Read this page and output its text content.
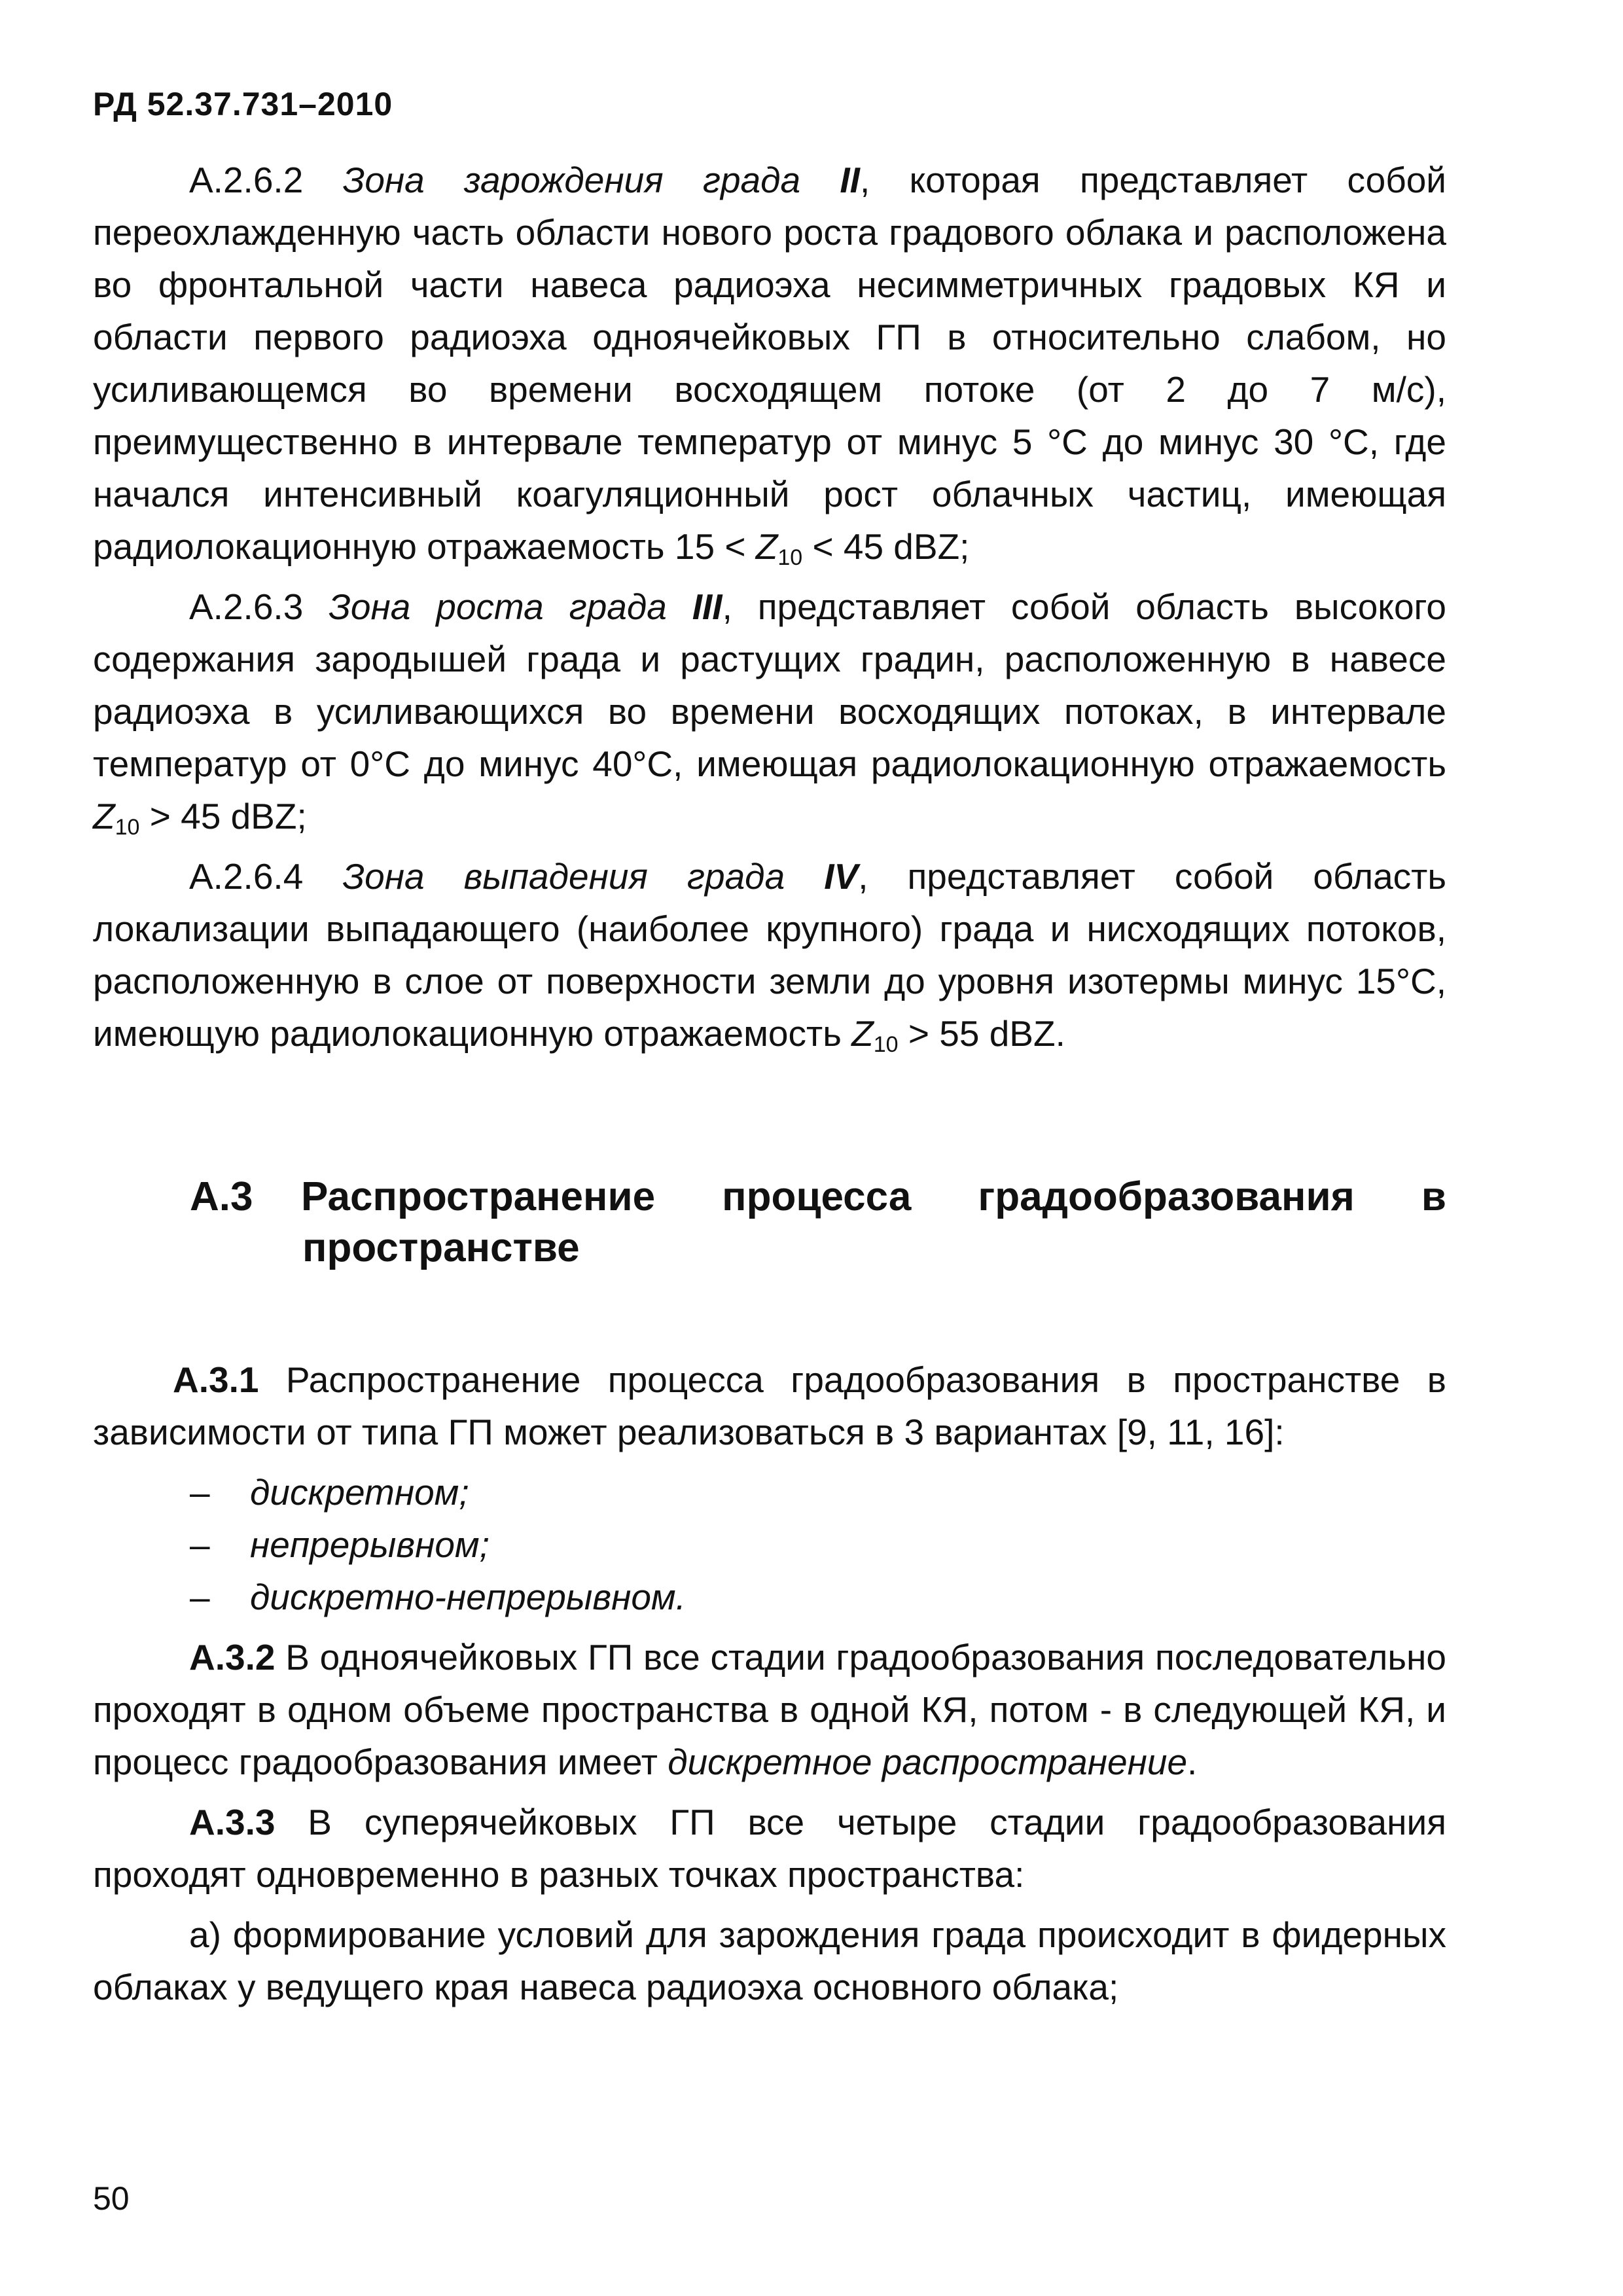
РД 52.37.731–2010

А.2.6.2 Зона зарождения града II, которая представляет собой переохлажденную часть области нового роста градового облака и расположена во фронтальной части навеса радиоэха несимметричных градовых КЯ и области первого радиоэха одноячейковых ГП в относительно слабом, но усиливающемся во времени восходящем потоке (от 2 до 7 м/с), преимущественно в интервале температур от минус 5 °С до минус 30 °С, где начался интенсивный коагуляционный рост облачных частиц, имеющая радиолокационную отражаемость $15 < Z_{10} < 45$ dBZ;

А.2.6.3 Зона роста града III, представляет собой область высокого содержания зародышей града и растущих градин, расположенную в навесе радиоэха в усиливающихся во времени восходящих потоках, в интервале температур от 0°С до минус 40°С, имеющая радиолокационную отражаемость $Z_{10} > 45$ dBZ;

А.2.6.4 Зона выпадения града IV, представляет собой область локализации выпадающего (наиболее крупного) града и нисходящих потоков, расположенную в слое от поверхности земли до уровня изотермы минус 15°С, имеющую радиолокационную отражаемость $Z_{10} > 55$ dBZ.

А.3 Распространение процесса градообразования в
пространстве

А.3.1 Распространение процесса градообразования в пространстве в зависимости от типа ГП может реализоваться в 3 вариантах [9, 11, 16]:

– дискретном;
– непрерывном;
– дискретно-непрерывном.

А.3.2 В одноячейковых ГП все стадии градообразования последовательно проходят в одном объеме пространства в одной КЯ, потом - в следующей КЯ, и процесс градообразования имеет дискретное распространение.

А.3.3 В суперячейковых ГП все четыре стадии градообразования проходят одновременно в разных точках пространства:

а) формирование условий для зарождения града происходит в фидерных облаках у ведущего края навеса радиоэха основного облака;

50
